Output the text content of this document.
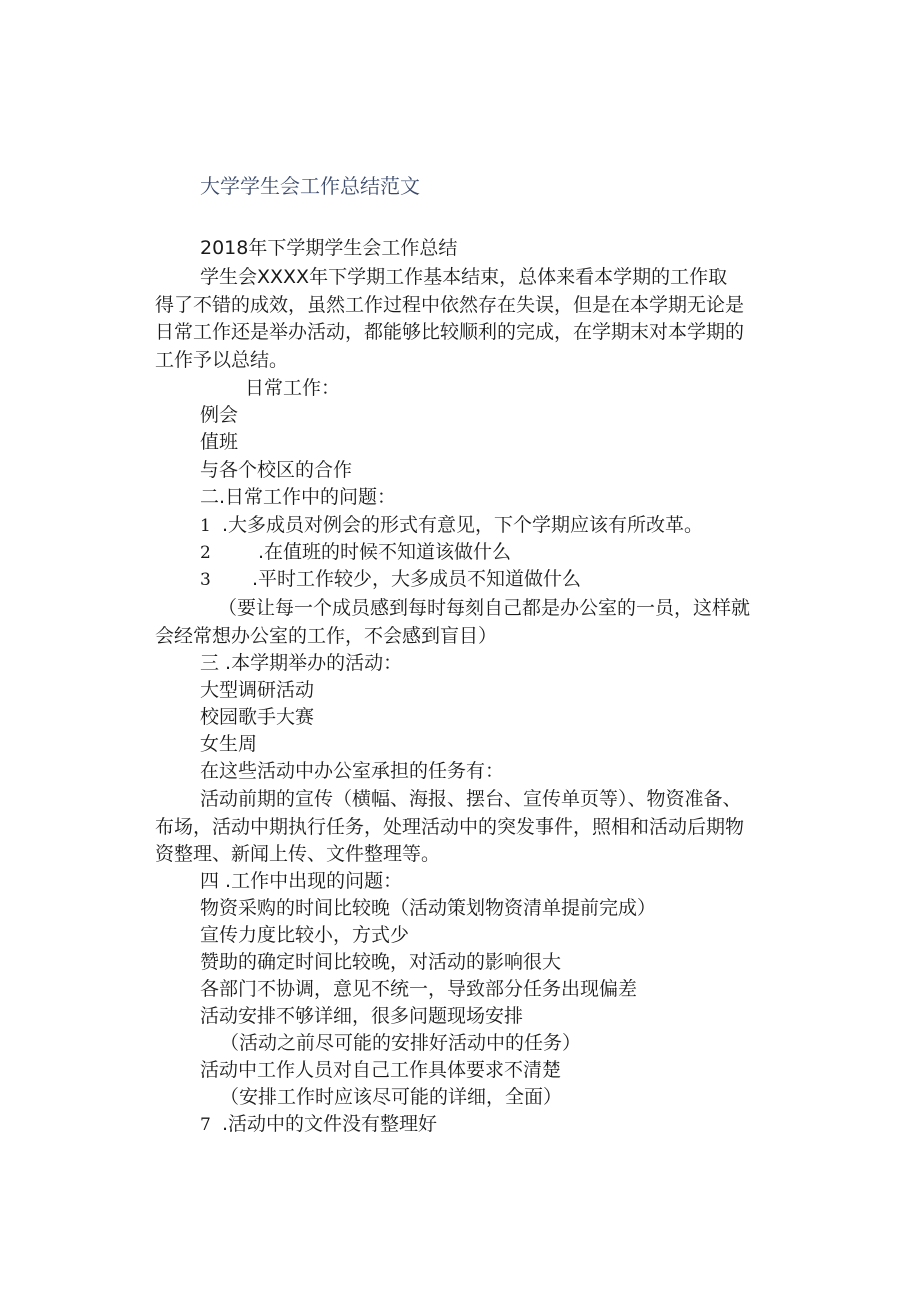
大学学生会工作总结范文
2018年下学期学生会工作总结
学生会XXXX年下学期工作基本结束，总体来看本学期的工作取得了不错的成效，虽然工作过程中依然存在失误，但是在本学期无论是日常工作还是举办活动，都能够比较顺利的完成，在学期末对本学期的工作予以总结。
日常工作：
例会
值班
与各个校区的合作
二.日常工作中的问题：
1 .大多成员对例会的形式有意见，下个学期应该有所改革。
2 .在值班的时候不知道该做什么
3 .平时工作较少，大多成员不知道做什么
（要让每一个成员感到每时每刻自己都是办公室的一员，这样就会经常想办公室的工作，不会感到盲目）
三 .本学期举办的活动：
大型调研活动
校园歌手大赛
女生周
在这些活动中办公室承担的任务有：
活动前期的宣传（横幅、海报、摆台、宣传单页等）、物资准备、布场，活动中期执行任务，处理活动中的突发事件，照相和活动后期物资整理、新闻上传、文件整理等。
四 .工作中出现的问题：
物资采购的时间比较晚（活动策划物资清单提前完成）
宣传力度比较小，方式少
赞助的确定时间比较晚，对活动的影响很大
各部门不协调，意见不统一，导致部分任务出现偏差
活动安排不够详细，很多问题现场安排
（活动之前尽可能的安排好活动中的任务）
活动中工作人员对自己工作具体要求不清楚
（安排工作时应该尽可能的详细，全面）
7 .活动中的文件没有整理好
